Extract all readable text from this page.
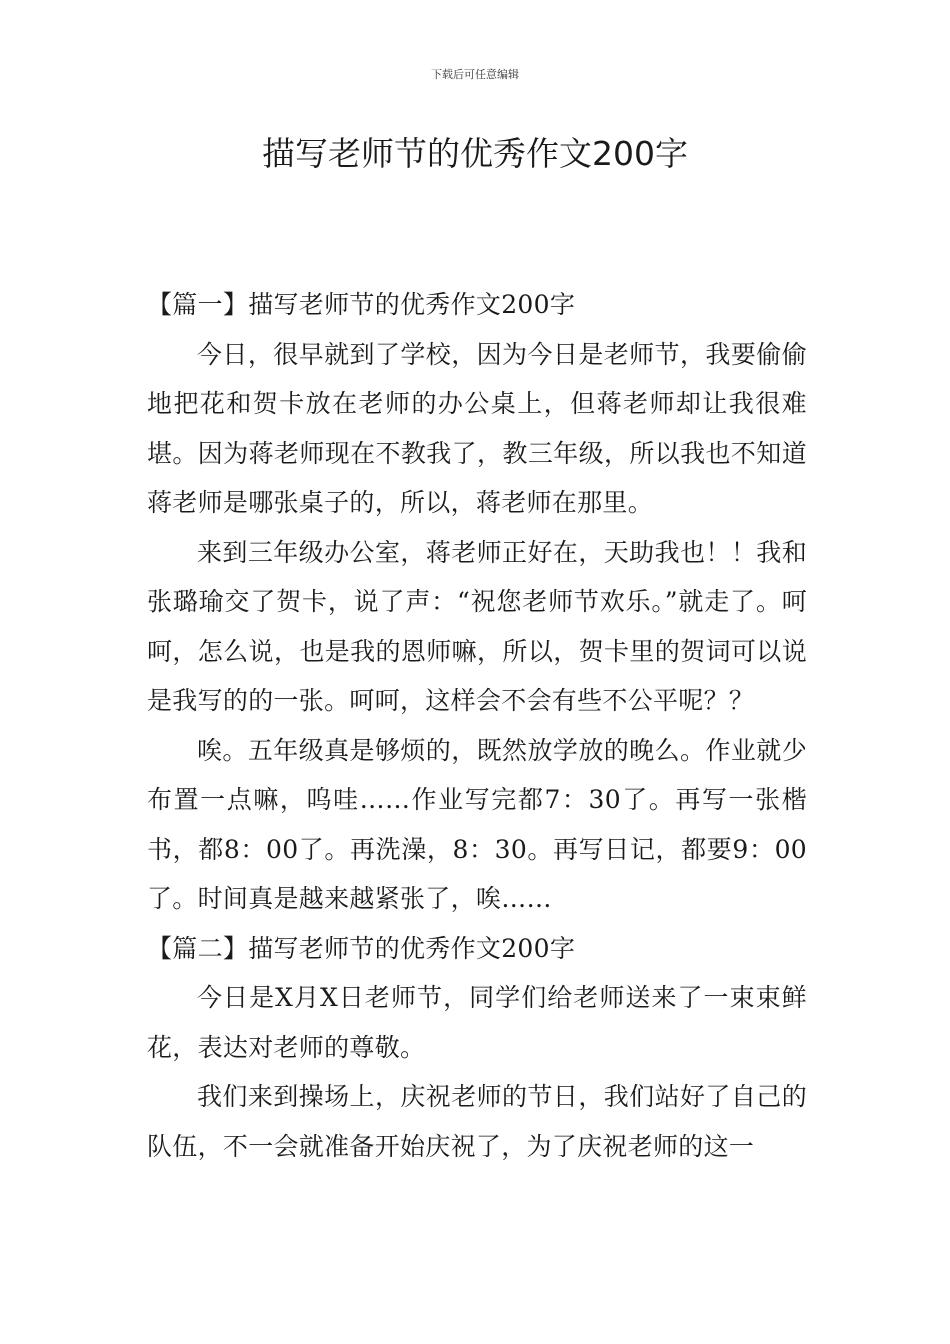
下载后可任意编辑
描写老师节的优秀作文200字

【篇一】描写老师节的优秀作文200字

今日，很早就到了学校，因为今日是老师节，我要偷偷地把花和贺卡放在老师的办公桌上，但蒋老师却让我很难堪。因为蒋老师现在不教我了，教三年级，所以我也不知道蒋老师是哪张桌子的，所以，蒋老师在那里。

来到三年级办公室，蒋老师正好在，天助我也！！我和张璐瑜交了贺卡，说了声：“祝您老师节欢乐。”就走了。呵呵，怎么说，也是我的恩师嘛，所以，贺卡里的贺词可以说是我写的的一张。呵呵，这样会不会有些不公平呢？？

唉。五年级真是够烦的，既然放学放的晚么。作业就少布置一点嘛，呜哇……作业写完都7：30了。再写一张楷书，都8：00了。再洗澡，8：30。再写日记，都要9：00了。时间真是越来越紧张了，唉……

【篇二】描写老师节的优秀作文200字

今日是X月X日老师节，同学们给老师送来了一束束鲜花，表达对老师的尊敬。

我们来到操场上，庆祝老师的节日，我们站好了自己的队伍，不一会就准备开始庆祝了，为了庆祝老师的这一
